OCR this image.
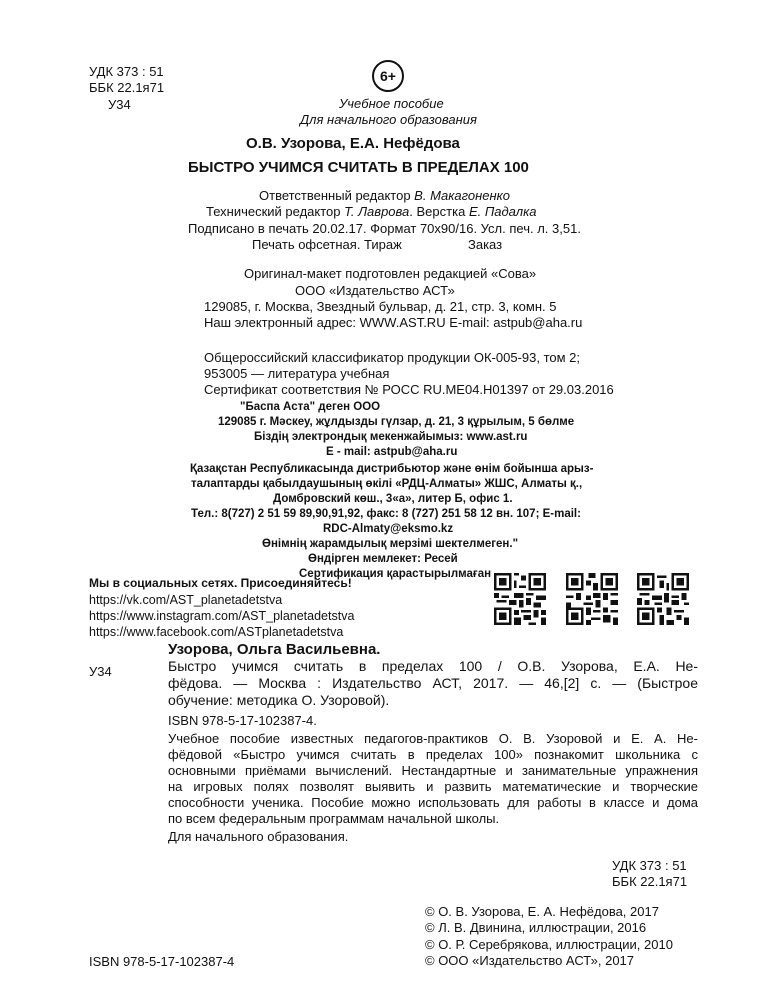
УДК 373 : 51
ББК 22.1я71
У34
6+
Учебное пособие
Для начального образования
О.В. Узорова, Е.А. Нефёдова
БЫСТРО УЧИМСЯ СЧИТАТЬ В ПРЕДЕЛАХ 100
Ответственный редактор В. Макагоненко
Технический редактор Т. Лаврова. Верстка Е. Падалка
Подписано в печать 20.02.17. Формат 70х90/16. Усл. печ. л. 3,51.
Печать офсетная. Тираж	Заказ
Оригинал-макет подготовлен редакцией «Сова»
ООО «Издательство АСТ»
129085, г. Москва, Звездный бульвар, д. 21, стр. 3, комн. 5
Наш электронный адрес: WWW.AST.RU E-mail: astpub@aha.ru
Общероссийский классификатор продукции ОК-005-93, том 2;
953005 — литература учебная
Сертификат соответствия № РОСС RU.МЕ04.Н01397 от 29.03.2016
"Баспа Аста" деген ООО
129085 г. Мәскеу, жұлдызды гүлзар, д. 21, 3 құрылым, 5 бөлме
Біздің электрондық мекенжайымыз: www.ast.ru
E - mail: astpub@aha.ru
Қазақстан Республикасында дистрибьютор және өнім бойынша арыз-
талаптарды қабылдаушының өкілі «РДЦ-Алматы» ЖШС, Алматы қ.,
Домбровский көш., 3«а», литер Б, офис 1.
Тел.: 8(727) 2 51 59 89,90,91,92, факс: 8 (727) 251 58 12 вн. 107; E-mail:
RDC-Almaty@eksmo.kz
Өнімнің жарамдылық мерзімі шектелмеген."
Өндірген мемлекет: Ресей
Сертификация қарастырылмаған
Мы в социальных сетях. Присоединяйтесь!
https://vk.com/AST_planetadetstva
https://www.instagram.com/AST_planetadetstva
https://www.facebook.com/ASTplanetadetstva
Узорова, Ольга Васильевна.
У34	Быстро учимся считать в пределах 100 / О.В. Узорова, Е.А. Не-
фёдова. — Москва : Издательство АСТ, 2017. — 46,[2] с. — (Быстрое
обучение: методика О. Узоровой).
ISBN 978-5-17-102387-4.
Учебное пособие известных педагогов-практиков О. В. Узоровой и Е. А. Не-
фёдовой «Быстро учимся считать в пределах 100» познакомит школьника с
основными приёмами вычислений. Нестандартные и занимательные упражнения
на игровых полях позволят выявить и развить математические и творческие
способности ученика. Пособие можно использовать для работы в классе и дома
по всем федеральным программам начальной школы.
Для начального образования.
УДК 373 : 51
ББК 22.1я71
ISBN 978-5-17-102387-4
© О. В. Узорова, Е. А. Нефёдова, 2017
© Л. В. Двинина, иллюстрации, 2016
© О. Р. Серебрякова, иллюстрации, 2010
© ООО «Издательство АСТ», 2017
